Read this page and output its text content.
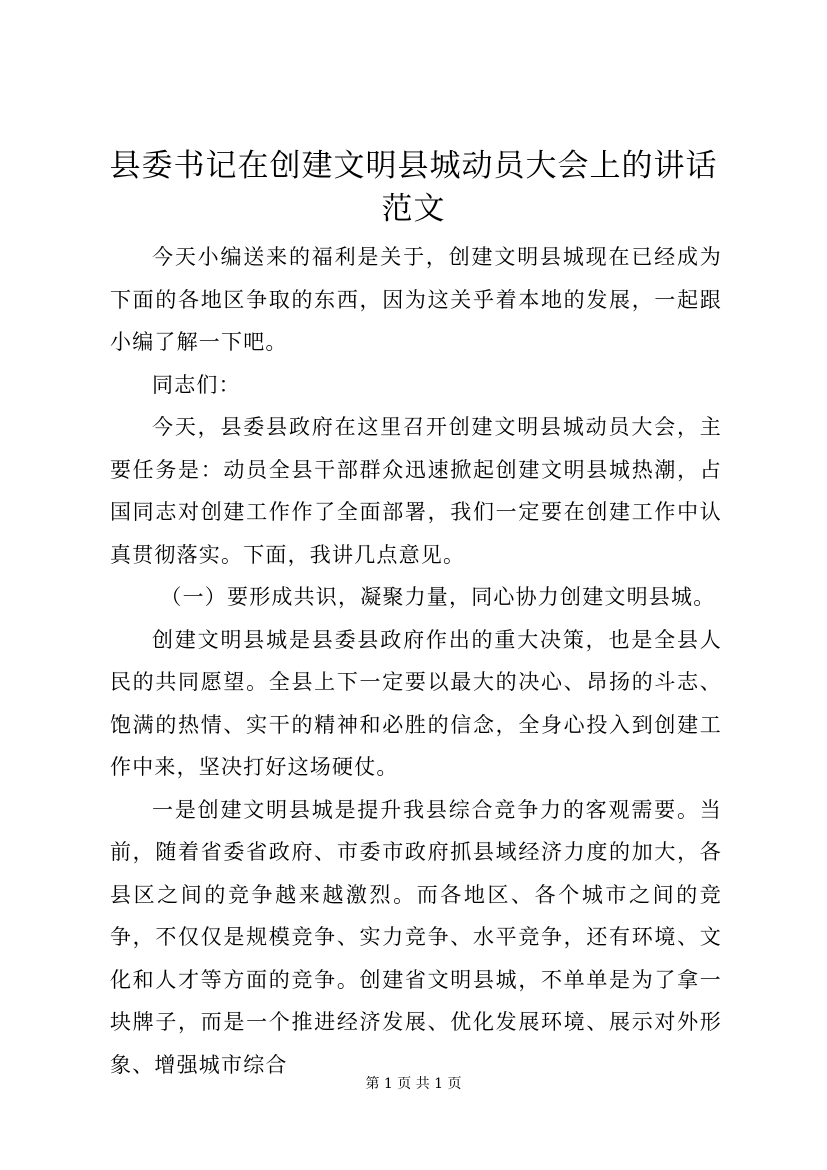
县委书记在创建文明县城动员大会上的讲话范文

今天小编送来的福利是关于，创建文明县城现在已经成为下面的各地区争取的东西，因为这关乎着本地的发展，一起跟小编了解一下吧。

同志们：

今天，县委县政府在这里召开创建文明县城动员大会，主要任务是：动员全县干部群众迅速掀起创建文明县城热潮，占国同志对创建工作作了全面部署，我们一定要在创建工作中认真贯彻落实。下面，我讲几点意见。

（一）要形成共识，凝聚力量，同心协力创建文明县城。

创建文明县城是县委县政府作出的重大决策，也是全县人民的共同愿望。全县上下一定要以最大的决心、昂扬的斗志、饱满的热情、实干的精神和必胜的信念，全身心投入到创建工作中来，坚决打好这场硬仗。

一是创建文明县城是提升我县综合竞争力的客观需要。当前，随着省委省政府、市委市政府抓县域经济力度的加大，各县区之间的竞争越来越激烈。而各地区、各个城市之间的竞争，不仅仅是规模竞争、实力竞争、水平竞争，还有环境、文化和人才等方面的竞争。创建省文明县城，不单单是为了拿一块牌子，而是一个推进经济发展、优化发展环境、展示对外形象、增强城市综合

第 1 页 共 1 页
